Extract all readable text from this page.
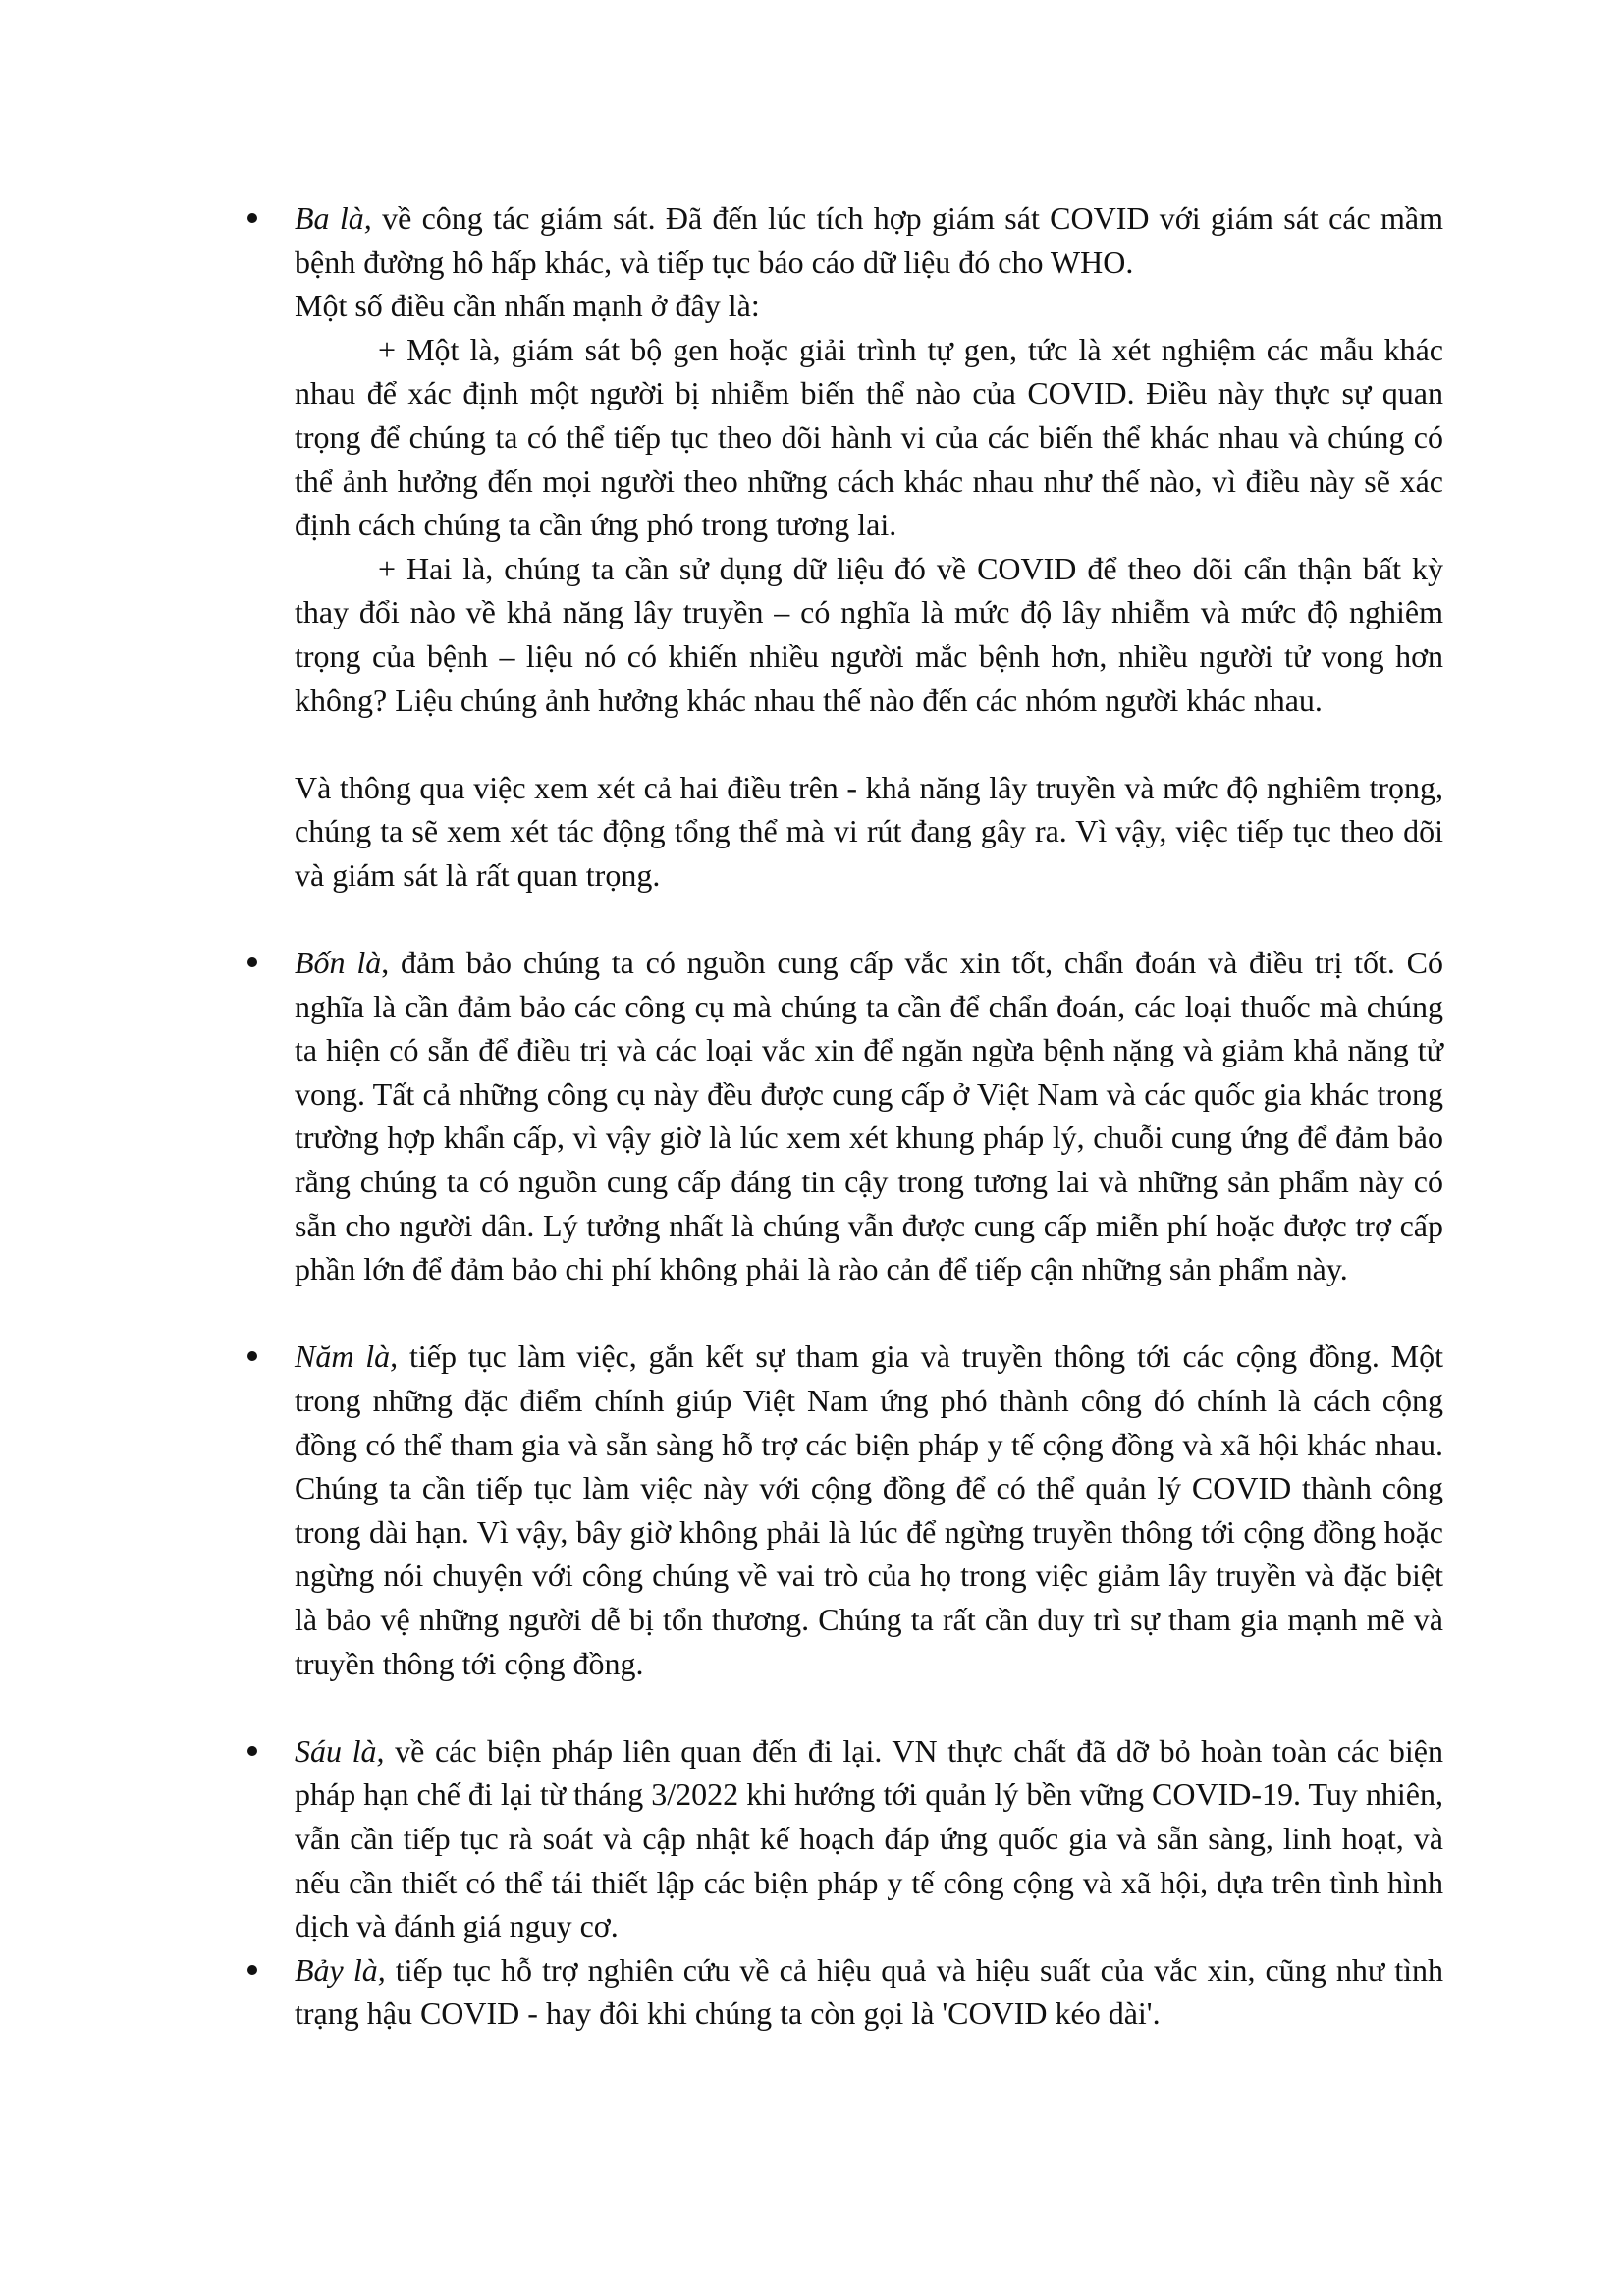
Ba là, về công tác giám sát. Đã đến lúc tích hợp giám sát COVID với giám sát các mầm bệnh đường hô hấp khác, và tiếp tục báo cáo dữ liệu đó cho WHO.

Một số điều cần nhấn mạnh ở đây là:

+ Một là, giám sát bộ gen hoặc giải trình tự gen, tức là xét nghiệm các mẫu khác nhau để xác định một người bị nhiễm biến thể nào của COVID. Điều này thực sự quan trọng để chúng ta có thể tiếp tục theo dõi hành vi của các biến thể khác nhau và chúng có thể ảnh hưởng đến mọi người theo những cách khác nhau như thế nào, vì điều này sẽ xác định cách chúng ta cần ứng phó trong tương lai.

+ Hai là, chúng ta cần sử dụng dữ liệu đó về COVID để theo dõi cẩn thận bất kỳ thay đổi nào về khả năng lây truyền – có nghĩa là mức độ lây nhiễm và mức độ nghiêm trọng của bệnh – liệu nó có khiến nhiều người mắc bệnh hơn, nhiều người tử vong hơn không? Liệu chúng ảnh hưởng khác nhau thế nào đến các nhóm người khác nhau.

Và thông qua việc xem xét cả hai điều trên - khả năng lây truyền và mức độ nghiêm trọng, chúng ta sẽ xem xét tác động tổng thể mà vi rút đang gây ra. Vì vậy, việc tiếp tục theo dõi và giám sát là rất quan trọng.

Bốn là, đảm bảo chúng ta có nguồn cung cấp vắc xin tốt, chẩn đoán và điều trị tốt. Có nghĩa là cần đảm bảo các công cụ mà chúng ta cần để chẩn đoán, các loại thuốc mà chúng ta hiện có sẵn để điều trị và các loại vắc xin để ngăn ngừa bệnh nặng và giảm khả năng tử vong. Tất cả những công cụ này đều được cung cấp ở Việt Nam và các quốc gia khác trong trường hợp khẩn cấp, vì vậy giờ là lúc xem xét khung pháp lý, chuỗi cung ứng để đảm bảo rằng chúng ta có nguồn cung cấp đáng tin cậy trong tương lai và những sản phẩm này có sẵn cho người dân. Lý tưởng nhất là chúng vẫn được cung cấp miễn phí hoặc được trợ cấp phần lớn để đảm bảo chi phí không phải là rào cản để tiếp cận những sản phẩm này.

Năm là, tiếp tục làm việc, gắn kết sự tham gia và truyền thông tới các cộng đồng. Một trong những đặc điểm chính giúp Việt Nam ứng phó thành công đó chính là cách cộng đồng có thể tham gia và sẵn sàng hỗ trợ các biện pháp y tế cộng đồng và xã hội khác nhau. Chúng ta cần tiếp tục làm việc này với cộng đồng để có thể quản lý COVID thành công trong dài hạn. Vì vậy, bây giờ không phải là lúc để ngừng truyền thông tới cộng đồng hoặc ngừng nói chuyện với công chúng về vai trò của họ trong việc giảm lây truyền và đặc biệt là bảo vệ những người dễ bị tổn thương. Chúng ta rất cần duy trì sự tham gia mạnh mẽ và truyền thông tới cộng đồng.

Sáu là, về các biện pháp liên quan đến đi lại. VN thực chất đã dỡ bỏ hoàn toàn các biện pháp hạn chế đi lại từ tháng 3/2022 khi hướng tới quản lý bền vững COVID-19. Tuy nhiên, vẫn cần tiếp tục rà soát và cập nhật kế hoạch đáp ứng quốc gia và sẵn sàng, linh hoạt, và nếu cần thiết có thể tái thiết lập các biện pháp y tế công cộng và xã hội, dựa trên tình hình dịch và đánh giá nguy cơ.

Bảy là, tiếp tục hỗ trợ nghiên cứu về cả hiệu quả và hiệu suất của vắc xin, cũng như tình trạng hậu COVID - hay đôi khi chúng ta còn gọi là 'COVID kéo dài'.
